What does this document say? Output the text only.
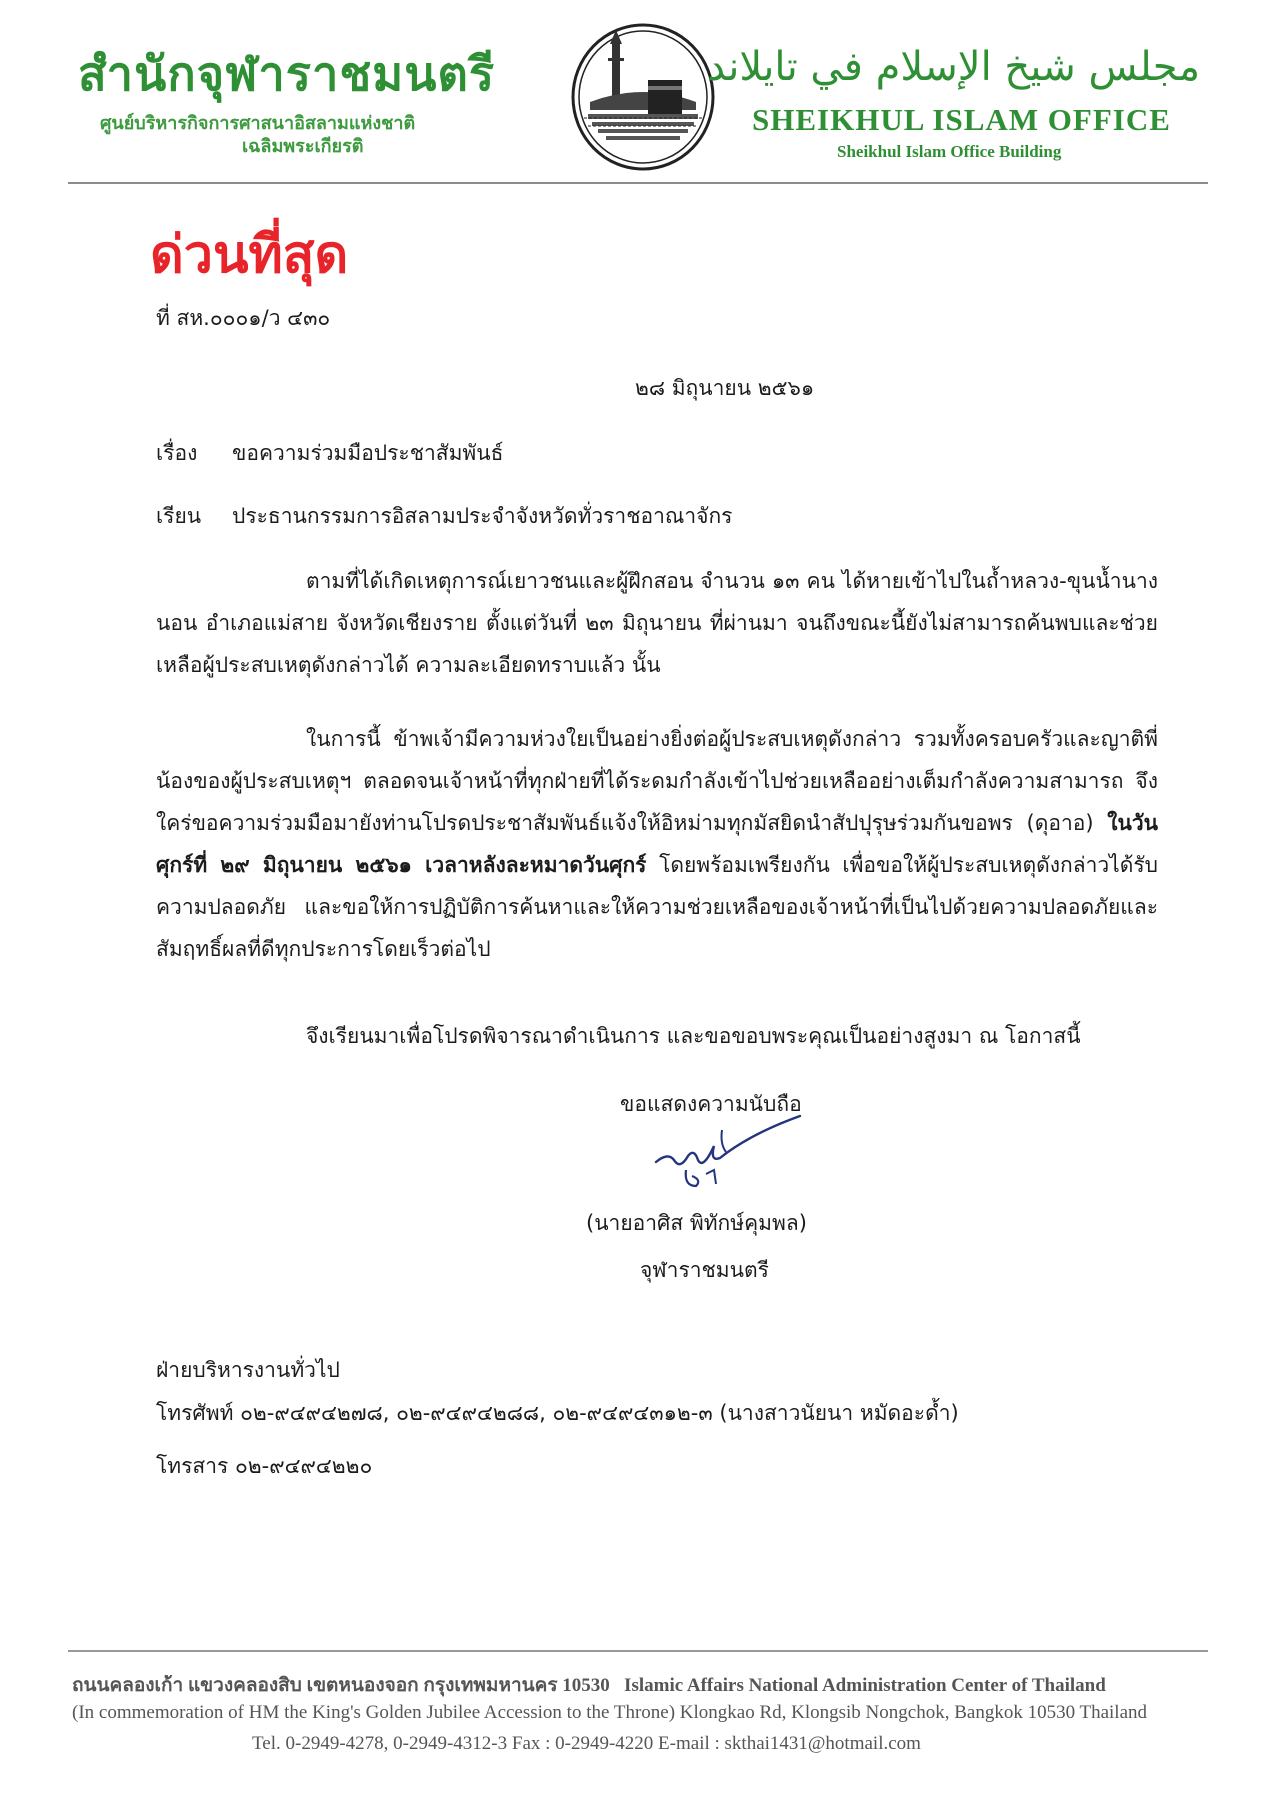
สำนักจุฬาราชมนตรี
ศูนย์บริหารกิจการศาสนาอิสลามแห่งชาติ
เฉลิมพระเกียรติ
مجلس شيخ الإسلام في تايلاند
SHEIKHUL ISLAM OFFICE
Sheikhul Islam Office Building
ด่วนที่สุด
ที่ สห.๐๐๐๑/ว ๔๓๐
๒๘ มิถุนายน ๒๕๖๑
เรื่อง ขอความร่วมมือประชาสัมพันธ์
เรียน ประธานกรรมการอิสลามประจำจังหวัดทั่วราชอาณาจักร

ตามที่ได้เกิดเหตุการณ์เยาวชนและผู้ฝึกสอน จำนวน ๑๓ คน ได้หายเข้าไปในถ้ำหลวง-ขุนน้ำนางนอน อำเภอแม่สาย จังหวัดเชียงราย ตั้งแต่วันที่ ๒๓ มิถุนายน ที่ผ่านมา จนถึงขณะนี้ยังไม่สามารถค้นพบและช่วยเหลือผู้ประสบเหตุดังกล่าวได้ ความละเอียดทราบแล้ว นั้น

ในการนี้ ข้าพเจ้ามีความห่วงใยเป็นอย่างยิ่งต่อผู้ประสบเหตุดังกล่าว รวมทั้งครอบครัวและญาติพี่น้องของผู้ประสบเหตุฯ ตลอดจนเจ้าหน้าที่ทุกฝ่ายที่ได้ระดมกำลังเข้าไปช่วยเหลืออย่างเต็มกำลังความสามารถ จึงใคร่ขอความร่วมมือมายังท่านโปรดประชาสัมพันธ์แจ้งให้อิหม่ามทุกมัสยิดนำสัปปุรุษร่วมกันขอพร (ดุอาอ) ในวันศุกร์ที่ ๒๙ มิถุนายน ๒๕๖๑ เวลาหลังละหมาดวันศุกร์ โดยพร้อมเพรียงกัน เพื่อขอให้ผู้ประสบเหตุดังกล่าวได้รับความปลอดภัย และขอให้การปฏิบัติการค้นหาและให้ความช่วยเหลือของเจ้าหน้าที่เป็นไปด้วยความปลอดภัยและสัมฤทธิ์ผลที่ดีทุกประการโดยเร็วต่อไป

จึงเรียนมาเพื่อโปรดพิจารณาดำเนินการ และขอขอบพระคุณเป็นอย่างสูงมา ณ โอกาสนี้
ขอแสดงความนับถือ
(นายอาศิส พิทักษ์คุมพล)
จุฬาราชมนตรี
ฝ่ายบริหารงานทั่วไป
โทรศัพท์ ๐๒-๙๔๙๔๒๗๘, ๐๒-๙๔๙๔๒๘๘, ๐๒-๙๔๙๔๓๑๒-๓ (นางสาวนัยนา หมัดอะด้ำ)
โทรสาร ๐๒-๙๔๙๔๒๒๐
ถนนคลองเก้า แขวงคลองสิบ เขตหนองจอก กรุงเทพมหานคร 10530 Islamic Affairs National Administration Center of Thailand
(In commemoration of HM the King's Golden Jubilee Accession to the Throne) Klongkao Rd, Klongsib Nongchok, Bangkok 10530 Thailand
Tel. 0-2949-4278, 0-2949-4312-3 Fax : 0-2949-4220 E-mail : skthai1431@hotmail.com
